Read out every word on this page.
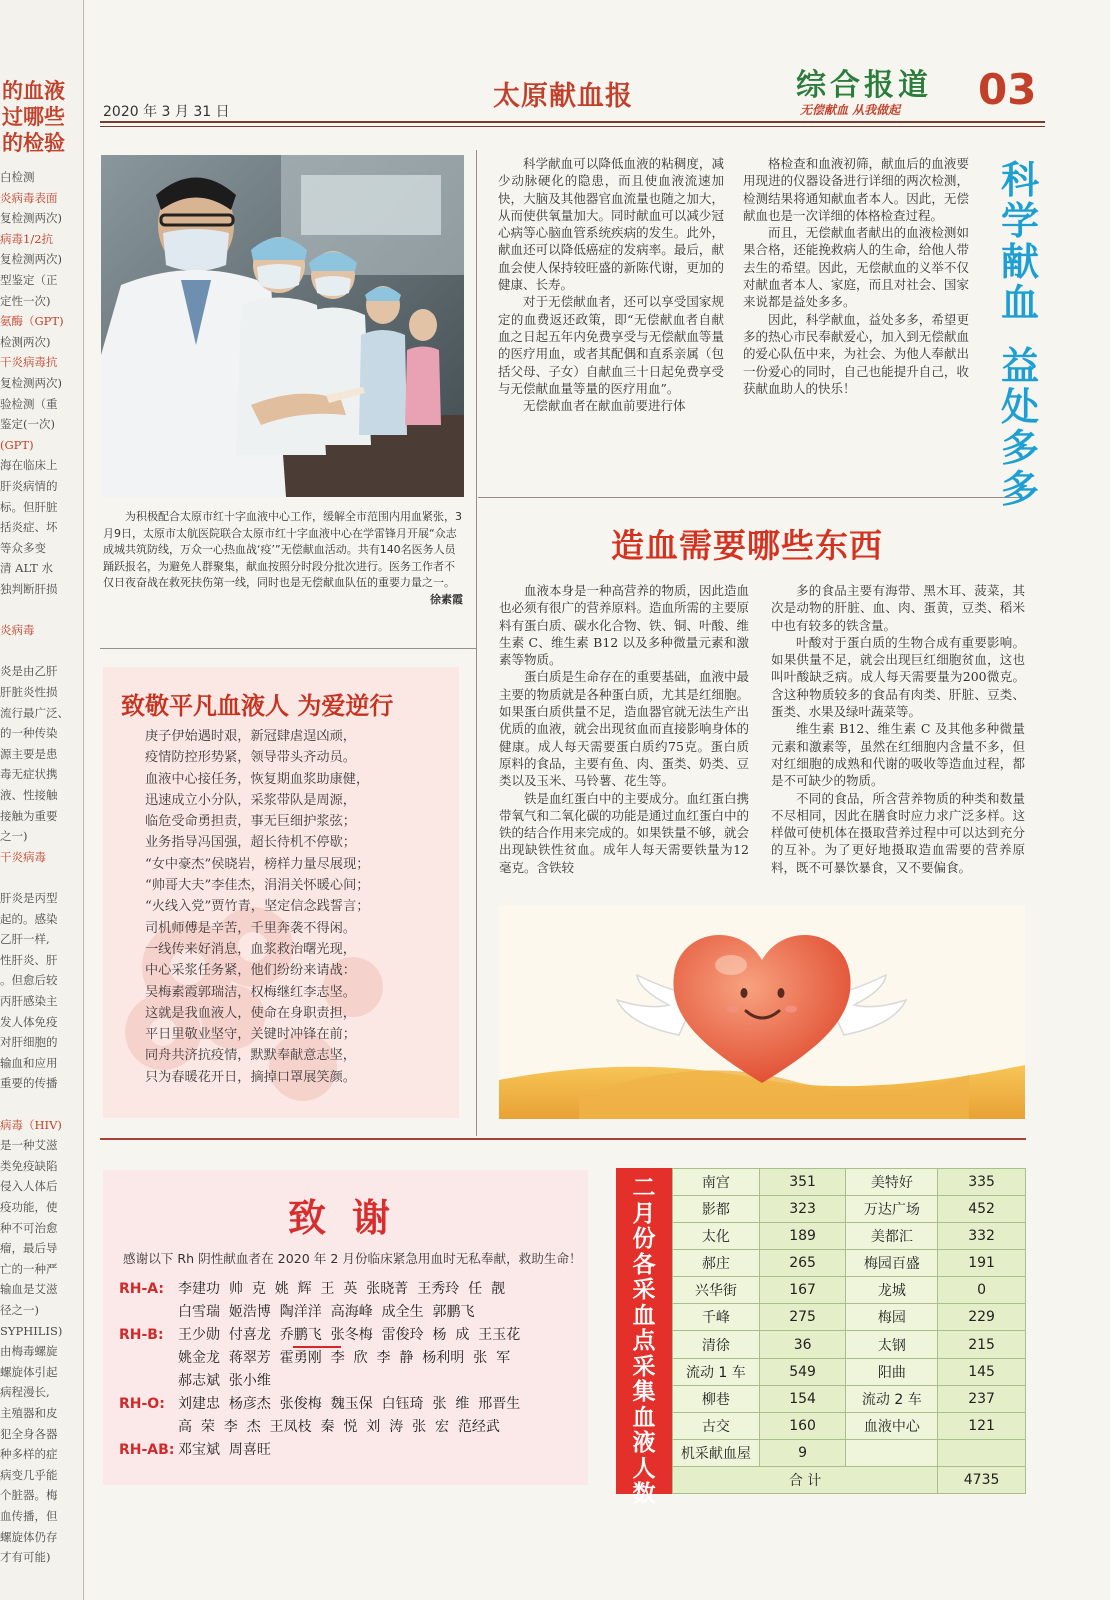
的血液
过哪些
的检验
白检测
炎病毒表面
复检测两次)
病毒1/2抗
复检测两次)
型鉴定（正
定性一次)
氨酶（GPT)
检测两次)
干炎病毒抗
复检测两次)
验检测（重
鉴定(一次)
(GPT)
海在临床上
肝炎病情的
标。但肝脏
括炎症、坏
等众多变
清 ALT 水
独判断肝损
炎病毒
炎是由乙肝
肝脏炎性损
流行最广泛、
的一种传染
源主要是患
毒无症状携
液、性接触
接触为重要
之一)
干炎病毒
肝炎是丙型
起的。感染
乙肝一样,
性肝炎、肝
。但愈后较
丙肝感染主
发人体免疫
对肝细胞的
输血和应用
重要的传播
病毒（HIV)
是一种艾滋
类免疫缺陷
侵入人体后
疫功能，使
种不可治愈
瘤，最后导
亡的一种严
输血是艾滋
径之一)
SYPHILIS)
由梅毒螺旋
螺旋体引起
病程漫长,
主殖器和皮
犯全身各器
种多样的症
病变几乎能
个脏器。梅
血传播，但
螺旋体仍存
才有可能)
2020 年 3 月 31 日	太原献血报	综合报道
无偿献血 从我做起 03
为积极配合太原市红十字血液中心工作，缓解全市范围内用血紧张，3月9日，太原市太航医院联合太原市红十字血液中心在学雷锋月开展“众志成城共筑防线，万众一心热血战‘疫’”无偿献血活动。共有140名医务人员踊跃报名，为避免人群聚集，献血按照分时段分批次进行。医务工作者不仅日夜奋战在救死扶伤第一线，同时也是无偿献血队伍的重要力量之一。
徐素霞

科学献血可以降低血液的粘稠度，减少动脉硬化的隐患，而且使血液流速加快，大脑及其他器官血流量也随之加大，从而使供氧量加大。同时献血可以减少冠心病等心脑血管系统疾病的发生。此外，献血还可以降低癌症的发病率。最后，献血会使人保持较旺盛的新陈代谢，更加的健康、长寿。

对于无偿献血者，还可以享受国家规定的血费返还政策，即“无偿献血者自献血之日起五年内免费享受与无偿献血等量的医疗用血，或者其配偶和直系亲属（包括父母、子女）自献血三十日起免费享受与无偿献血量等量的医疗用血”。

无偿献血者在献血前要进行体

格检查和血液初筛，献血后的血液要用现进的仪器设备进行详细的两次检测，检测结果将通知献血者本人。因此，无偿献血也是一次详细的体格检查过程。

而且，无偿献血者献出的血液检测如果合格，还能挽救病人的生命，给他人带去生的希望。因此，无偿献血的义举不仅对献血者本人、家庭，而且对社会、国家来说都是益处多多。

因此，科学献血，益处多多，希望更多的热心市民奉献爱心，加入到无偿献血的爱心队伍中来，为社会、为他人奉献出一份爱心的同时，自己也能提升自己，收获献血助人的快乐！

科
学
献
血
益
处
多
多
造血需要哪些东西

血液本身是一种高营养的物质，因此造血也必须有很广的营养原料。造血所需的主要原料有蛋白质、碳水化合物、铁、铜、叶酸、维生素 C、维生素 B12 以及多种微量元素和激素等物质。

蛋白质是生命存在的重要基础，血液中最主要的物质就是各种蛋白质，尤其是红细胞。如果蛋白质供量不足，造血器官就无法生产出优质的血液，就会出现贫血而直接影响身体的健康。成人每天需要蛋白质约75克。蛋白质原料的食品，主要有鱼、肉、蛋类、奶类、豆类以及玉米、马铃薯、花生等。

铁是血红蛋白中的主要成分。血红蛋白携带氧气和二氧化碳的功能是通过血红蛋白中的铁的结合作用来完成的。如果铁量不够，就会出现缺铁性贫血。成年人每天需要铁量为12毫克。含铁较

多的食品主要有海带、黑木耳、菠菜，其次是动物的肝脏、血、肉、蛋黄，豆类、稻米中也有较多的铁含量。

叶酸对于蛋白质的生物合成有重要影响。如果供量不足，就会出现巨红细胞贫血，这也叫叶酸缺乏病。成人每天需要量为200微克。含这种物质较多的食品有肉类、肝脏、豆类、蛋类、水果及绿叶蔬菜等。

维生素 B12、维生素 C 及其他多种微量元素和激素等，虽然在红细胞内含量不多，但对红细胞的成熟和代谢的吸收等造血过程，都是不可缺少的物质。

不同的食品，所含营养物质的种类和数量不尽相同，因此在膳食时应力求广泛多样。这样做可使机体在摄取营养过程中可以达到充分的互补。为了更好地摄取造血需要的营养原料，既不可暴饮暴食，又不要偏食。

致敬平凡血液人 为爱逆行
庚子伊始遇时艰，新冠肆虐逞凶顽，
疫情防控形势紧，领导带头齐动员。
血液中心接任务，恢复期血浆助康健，
迅速成立小分队，采浆带队是周源，
临危受命勇担责，事无巨细护浆弦；
业务指导冯国强，超长待机不停歇；
“女中豪杰”侯晓岩，榜样力量尽展现；
“帅哥大夫”李佳杰，涓涓关怀暖心间；
“火线入党”贾竹青，坚定信念践誓言；
司机师傅是辛苦，千里奔袭不得闲。
一线传来好消息，血浆救治曙光现，
中心采浆任务紧，他们纷纷来请战：
吴梅素霞郭瑞洁，权梅继红李志坚。
这就是我血液人，使命在身职责担，
平日里敬业坚守，关键时冲锋在前；
同舟共济抗疫情，默默奉献意志坚，
只为春暖花开日，摘掉口罩展笑颜。
致谢
感谢以下 Rh 阴性献血者在 2020 年 2 月份临床紧急用血时无私奉献，救助生命！
RH-A: 李建功  帅  克  姚  辉  王  英  张晓菁  王秀玲  任  靓
白雪瑞  姬浩博  陶洋洋  高海峰  成全生  郭鹏飞
RH-B: 王少勋  付喜龙  乔鹏飞  张冬梅  雷俊玲  杨  成  王玉花
姚金龙  蒋翠芳  霍勇刚  李  欣  李  静  杨利明  张  军
郝志斌  张小维
RH-O: 刘建忠  杨彦杰  张俊梅  魏玉保  白钰琦  张  维  邢晋生
高  荣  李  杰  王凤枝  秦  悦  刘  涛  张  宏  范经武
RH-AB: 邓宝斌  周喜旺
二
月
份
各
采
血
点
采
集
血
液
人
数
南宫	351	美特好	335
影都	323	万达广场	452
太化	189	美都汇	332
郝庄	265	梅园百盛	191
兴华街	167	龙城	0
千峰	275	梅园	229
清徐	36	太钢	215
流动 1 车	549	阳曲	145
柳巷	154	流动 2 车	237
古交	160	血液中心	121
机采献血屋	9		
合 计			4735
